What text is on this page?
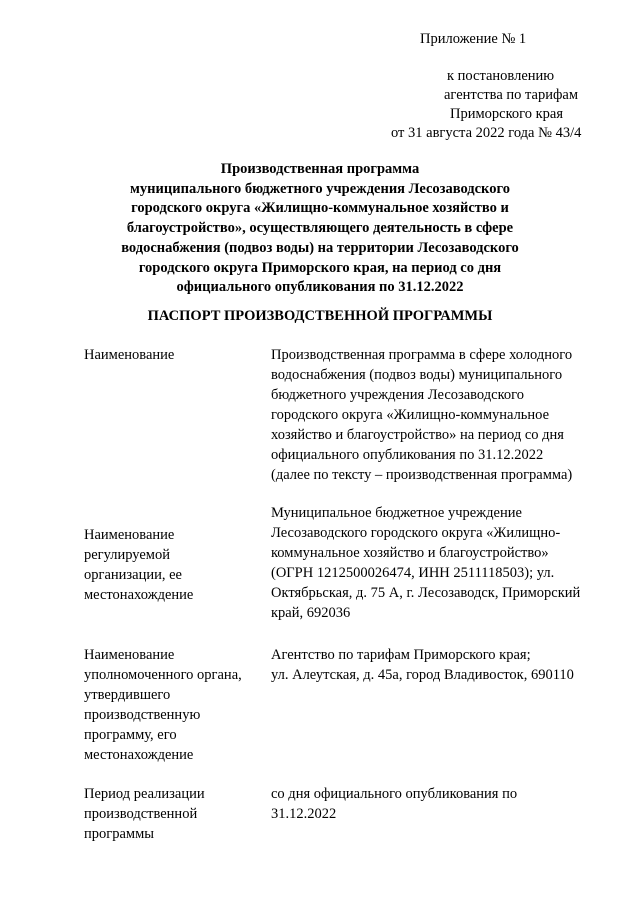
Приложение № 1
к постановлению
агентства по тарифам
Приморского края
от 31 августа 2022 года № 43/4
Производственная программа
муниципального бюджетного учреждения Лесозаводского
городского округа «Жилищно-коммунальное хозяйство и
благоустройство», осуществляющего деятельность в сфере
водоснабжения (подвоз воды) на территории Лесозаводского
городского округа Приморского края, на период со дня
официального опубликования по 31.12.2022
ПАСПОРТ ПРОИЗВОДСТВЕННОЙ ПРОГРАММЫ
Наименование	Производственная программа в сфере холодного
водоснабжения (подвоз воды) муниципального
бюджетного учреждения Лесозаводского
городского округа «Жилищно-коммунальное
хозяйство и благоустройство» на период со дня
официального опубликования по 31.12.2022
(далее по тексту – производственная программа)
Наименование
регулируемой
организации, ее
местонахождение
Муниципальное бюджетное учреждение
Лесозаводского городского округа «Жилищно-
коммунальное хозяйство и благоустройство»
(ОГРН 1212500026474, ИНН 2511118503); ул.
Октябрьская, д. 75 А, г. Лесозаводск, Приморский
край, 692036
Наименование
уполномоченного органа,
утвердившего
производственную
программу, его
местонахождение
Агентство по тарифам Приморского края;
ул. Алеутская, д. 45а, город Владивосток, 690110
Период реализации
производственной
программы
со дня официального опубликования по
31.12.2022
